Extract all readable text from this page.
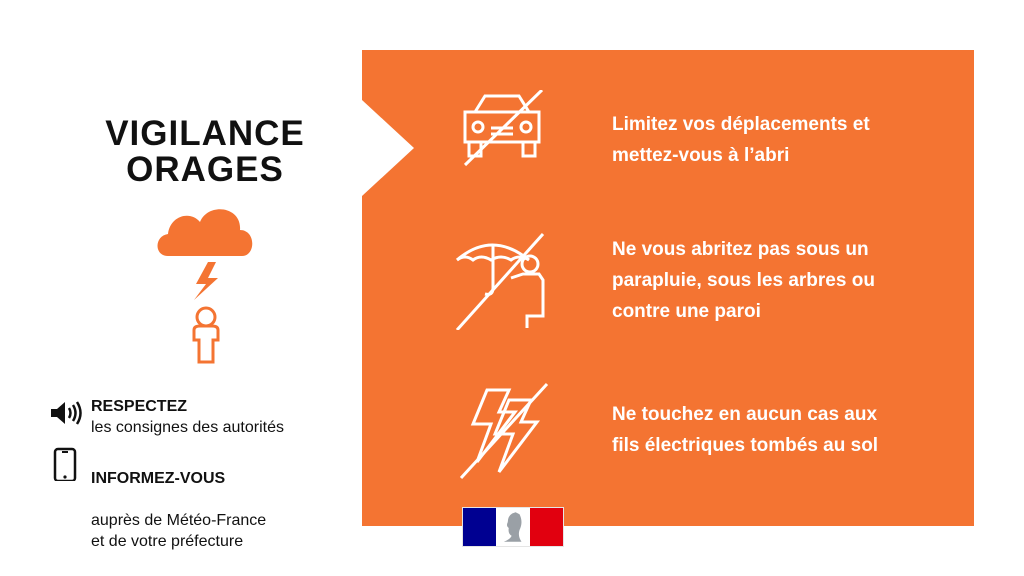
VIGILANCE
ORAGES
RESPECTEZ
les consignes des autorités

INFORMEZ-VOUS

auprès de Météo-France
et de votre préfecture

Limitez vos déplacements et
mettez-vous à l’abri
Ne vous abritez pas sous un
parapluie, sous les arbres ou
contre une paroi
Ne touchez en aucun cas aux
fils électriques tombés au sol
